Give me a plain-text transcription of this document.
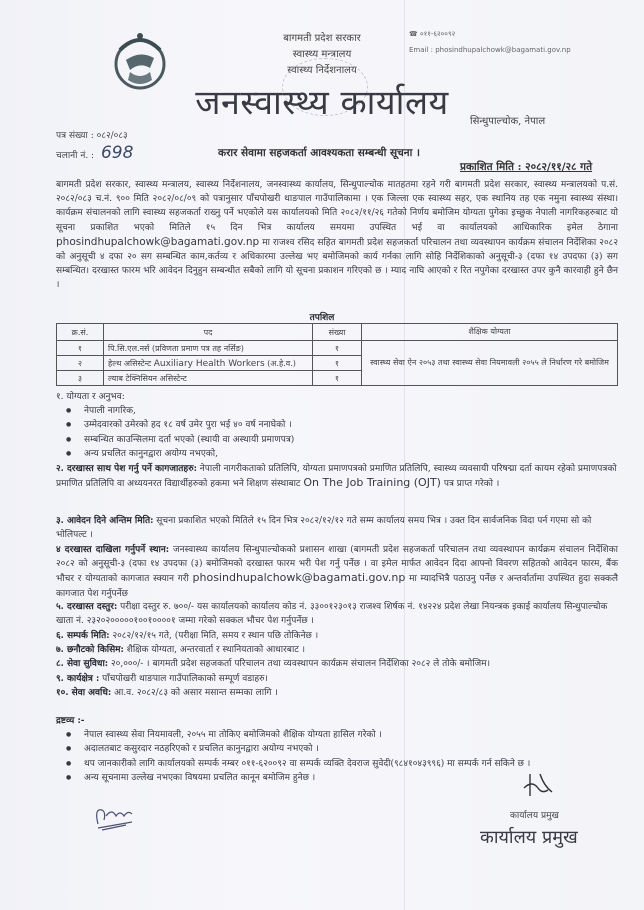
बागमती प्रदेश सरकार
स्वास्थ्य मन्त्रालय
स्वास्थ्य निर्देशनालय
जनस्वास्थ्य कार्यालय
☎ ०११-६२००९२
Email : phosindhupalchowk@bagamati.gov.np
सिन्धुपाल्चोक, नेपाल
पत्र संख्या : ०८२/०८३
चलानी नं. : 698	करार सेवामा सहजकर्ता आवश्यकता सम्बन्धी सूचना ।
प्रकाशित मिति : २०८२/११/२८ गते
बागमती प्रदेश सरकार, स्वास्थ्य मन्त्रालय, स्वास्थ्य निर्देशनालय, जनस्वास्थ्य कार्यालय, सिन्धुपाल्चोक मातहतमा रहने गरी बागमती प्रदेश सरकार, स्वास्थ्य मन्त्रालयको प.सं. २०८२/०८३ च.नं. ९०० मिति २०८२/०८/०९ को पत्रानुसार पाँचपोखरी थाङपाल गाउँपालिकामा । एक जिल्ला एक स्वास्थ्य सहर, एक स्थानिय तह एक नमुना स्वास्थ्य संस्था। कार्यक्रम संचालनको लागि स्वास्थ्य सहजकर्ता राख्नु पर्ने भएकोले यस कार्यालयको मिति २०८२/११/२६ गतेको निर्णय बमोजिम योग्यता पुगेका इच्छुक नेपाली नागरिकहरुबाट यो सूचना प्रकाशित भएको मितिले १५ दिन भित्र कार्यालय समयमा उपस्थित भई वा कार्यालयको आधिकारिक इमेल ठेगाना phosindhupalchowk@bagamati.gov.np मा राजश्व रसिद सहित बागमती प्रदेश सहजकर्ता परिचालन तथा व्यवस्थापन कार्यक्रम संचालन निर्देशिका २०८२ को अनुसूची ४ दफा २० सग सम्बन्धित काम,कर्तव्य र अधिकारमा उल्लेख भए बमोजिमको कार्य गर्नका लागि सोहि निर्देशिकाको अनुसूची-३ (दफा १४ उपदफा (३) सग सम्बन्धित। दरखास्त फारम भरि आवेदन दिनुहुन सम्बन्धीत सबैको लागि यो सूचना प्रकाशन गरिएको छ । म्याद नाघि आएको र रित नपुगेका दरखास्त उपर कुनै कारवाही हुने छैन ।
तपशिल
क्र.सं.	पद	संख्या	शैक्षिक योग्यता
१	पि.सि.एल.नर्स (प्रविणता प्रमाण पत्र तह नर्सिङ)	१	स्वास्थ्य सेवा ऐन २०५३ तथा स्वास्थ्य सेवा नियमावली २०५५ ले निर्धारण गरे बमोजिम
२	हेल्थ असिस्टेन्ट Auxiliary Health Workers (अ.हे.व.)	१	
३	ल्याब टेक्निसियन असिस्टेन्ट	१	
१. योग्यता र अनुभव:
● नेपाली नागरिक,
● उम्मेदवारको उमेरको हद १८ वर्ष उमेर पुरा भई ४० वर्ष ननाघेको ।
● सम्बन्धित काउन्सिलमा दर्ता भएको (स्थायी वा अस्थायी प्रमाणपत्र)
● अन्य प्रचलित कानुनद्वारा अयोग्य नभएको,
२. दरखास्त साथ पेश गर्नु पर्ने कागजातहरु: नेपाली नागरीकताको प्रतिलिपि, योग्यता प्रमाणपत्रको प्रमाणित प्रतिलिपि, स्वास्थ्य व्यवसायी परिषद्मा दर्ता कायम रहेको प्रमाणपत्रको प्रमाणित प्रतिलिपि वा अध्ययनरत विद्यार्थीहरुको हकमा भने शिक्षण संस्थाबाट On The Job Training (OJT) पत्र प्राप्त गरेको ।
३. आवेदन दिने अन्तिम मिति: सूचना प्रकाशित भएको मितिले १५ दिन भित्र २०८२/१२/१२ गते सम्म कार्यालय समय भित्र । उक्त दिन सार्वजनिक विदा पर्न गएमा सो को भोलिपल्ट ।
४ दरखास्त दाखिला गर्नुपर्ने स्थान: जनस्वास्थ्य कार्यालय सिन्धुपाल्चोकको प्रशासन शाखा (बागमती प्रदेश सहजकर्ता परिचालन तथा व्यवस्थापन कार्यक्रम संचालन निर्देशिका २०८२ को अनुसूची-३ (दफा १४ उपदफा (३) बमोजिमको दरखास्त फारम भरी पेश गर्नु पर्नेछ । वा इमेल मार्फत आवेदन दिदा आफ्नो विवरण सहितको आवेदन फारम, बैंक भौचर र योग्यताको कागजात स्क्यान गरी phosindhupalchowk@bagamati.gov.np मा म्यादभित्रै पठाउनु पर्नेछ र अन्तर्वार्तामा उपस्थित हुदा सक्कलै कागजात पेश गर्नुपर्नेछ
५. दरखास्त दस्तुर: परीक्षा दस्तुर रु. ७००/- यस कार्यालयको कार्यालय कोड नं. ३३००१२३०१३ राजश्व शिर्षक नं. १४२२४ प्रदेश लेखा नियन्त्रक इकाई कार्यालय सिन्धुपाल्चोक खाता नं. २३२०२०००००१००१००००१ जम्मा गरेको सक्कल भौचर पेश गर्नुपर्नेछ ।
६. सम्पर्क मिति: २०८२/१२/१५ गते, (परीक्षा मिति, समय र स्थान पछि तोकिनेछ ।
७. छनौटको किसिम: शैक्षिक योग्यता, अन्तरवार्ता र स्थानियताको आधारबाट ।
८. सेवा सुविधा: २०,०००/- । बागमती प्रदेश सहजकर्ता परिचालन तथा व्यवस्थापन कार्यक्रम संचालन निर्देशिका २०८२ ले तोके बमोजिम।
९. कार्यक्षेत्र : पाँचपोखरी थाङपाल गाउँपालिकाको सम्पूर्ण वडाहरु।
१०. सेवा अवधि: आ.व. २०८२/८३ को असार मसान्त सम्मका लागि ।
द्रष्टव्य :-
● नेपाल स्वास्थ्य सेवा नियमावली, २०५५ मा तोकिए बमोजिमको शैक्षिक योग्यता हासिल गरेको ।
● अदालतबाट कसुरदार नठहरिएको र प्रचलित कानुनद्वारा अयोग्य नभएको ।
● थप जानकारीको लागि कार्यालयको सम्पर्क नम्बर ०११-६२००९२ वा सम्पर्क व्यक्ति देवराज सुवेदी(९८४१०४३९९६) मा सम्पर्क गर्न सकिने छ ।
● अन्य सूचनामा उल्लेख नभएका विषयमा प्रचलित कानून बमोजिम हुनेछ ।
कार्यालय प्रमुख
कार्यालय प्रमुख
